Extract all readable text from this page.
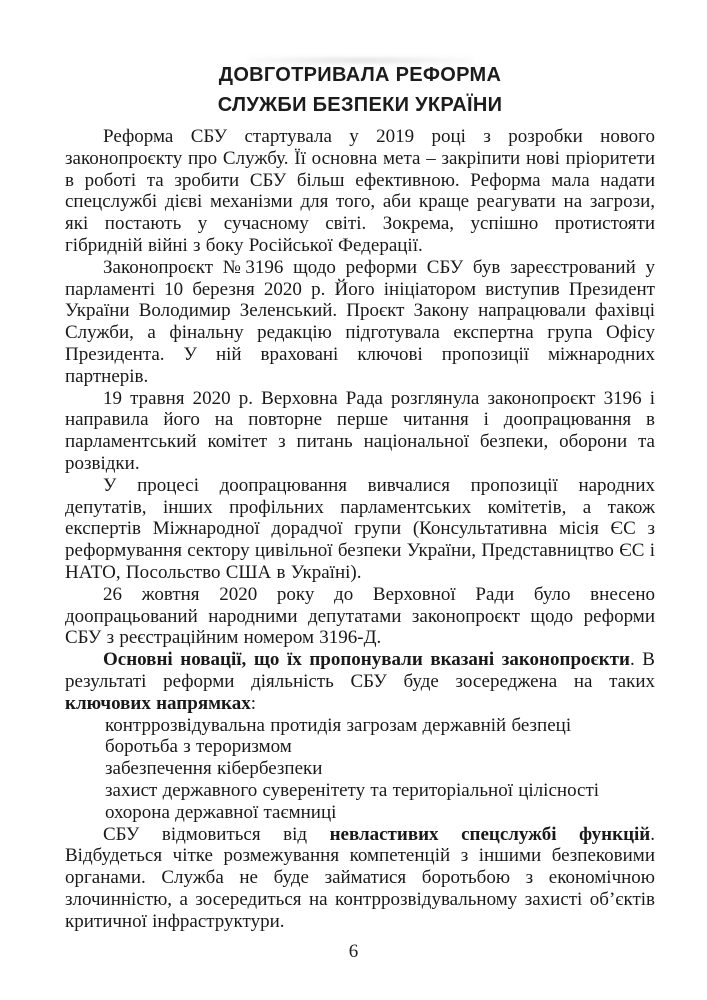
ДОВГОТРИВАЛА РЕФОРМА
СЛУЖБИ БЕЗПЕКИ УКРАЇНИ

Реформа СБУ стартувала у 2019 році з розробки нового законопроєкту про Службу. Її основна мета – закріпити нові пріоритети в роботі та зробити СБУ більш ефективною. Реформа мала надати спецслужбі дієві механізми для того, аби краще реагувати на загрози, які постають у сучасному світі. Зокрема, успішно протистояти гібридній війні з боку Російської Федерації.

Законопроєкт №3196 щодо реформи СБУ був зареєстрований у парламенті 10 березня 2020 р. Його ініціатором виступив Президент України Володимир Зеленський. Проєкт Закону напрацювали фахівці Служби, а фінальну редакцію підготувала експертна група Офісу Президента. У ній враховані ключові пропозиції міжнародних партнерів.

19 травня 2020 р. Верховна Рада розглянула законопроєкт 3196 і направила його на повторне перше читання і доопрацювання в парламентський комітет з питань національної безпеки, оборони та розвідки.

У процесі доопрацювання вивчалися пропозиції народних депутатів, інших профільних парламентських комітетів, а також експертів Міжнародної дорадчої групи (Консультативна місія ЄС з реформування сектору цивільної безпеки України, Представництво ЄС і НАТО, Посольство США в Україні).

26 жовтня 2020 року до Верховної Ради було внесено доопрацьований народними депутатами законопроєкт щодо реформи СБУ з реєстраційним номером 3196-Д.

Основні новації, що їх пропонували вказані законопроєкти. В результаті реформи діяльність СБУ буде зосереджена на таких ключових напрямках:

контррозвідувальна протидія загрозам державній безпеці

боротьба з тероризмом

забезпечення кібербезпеки

захист державного суверенітету та територіальної цілісності

охорона державної таємниці

СБУ відмовиться від невластивих спецслужбі функцій. Відбудеться чітке розмежування компетенцій з іншими безпековими органами. Служба не буде займатися боротьбою з економічною злочинністю, а зосередиться на контррозвідувальному захисті об’єктів критичної інфраструктури.

6
